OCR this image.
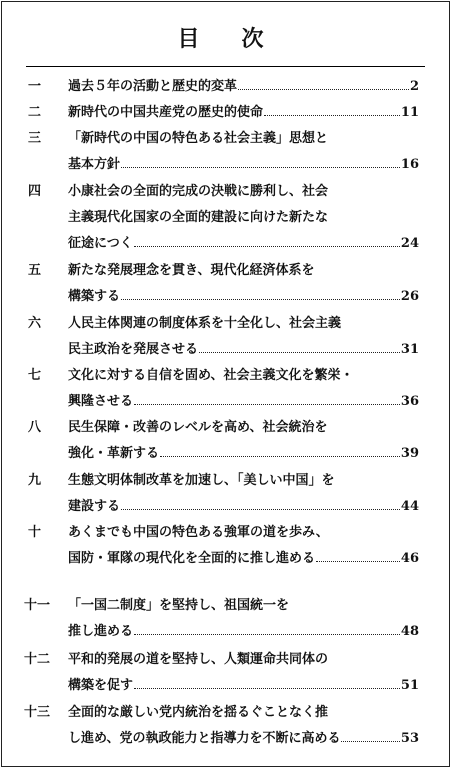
目　次
一	過去５年の活動と歴史的変革	2
二	新時代の中国共産党の歴史的使命	11
三	「新時代の中国の特色ある社会主義」思想と
基本方針	16
四	小康社会の全面的完成の決戦に勝利し、社会
主義現代化国家の全面的建設に向けた新たな
征途につく	24
五	新たな発展理念を貫き、現代化経済体系を
構築する	26
六	人民主体関連の制度体系を十全化し、社会主義
民主政治を発展させる	31
七	文化に対する自信を固め、社会主義文化を繁栄・
興隆させる	36
八	民生保障・改善のレベルを高め、社会統治を
強化・革新する	39
九	生態文明体制改革を加速し、「美しい中国」を
建設する	44
十	あくまでも中国の特色ある強軍の道を歩み、
国防・軍隊の現代化を全面的に推し進める	46
十一	「一国二制度」を堅持し、祖国統一を
推し進める	48
十二	平和的発展の道を堅持し、人類運命共同体の
構築を促す	51
十三	全面的な厳しい党内統治を揺るぐことなく推
し進め、党の執政能力と指導力を不断に高める	53
